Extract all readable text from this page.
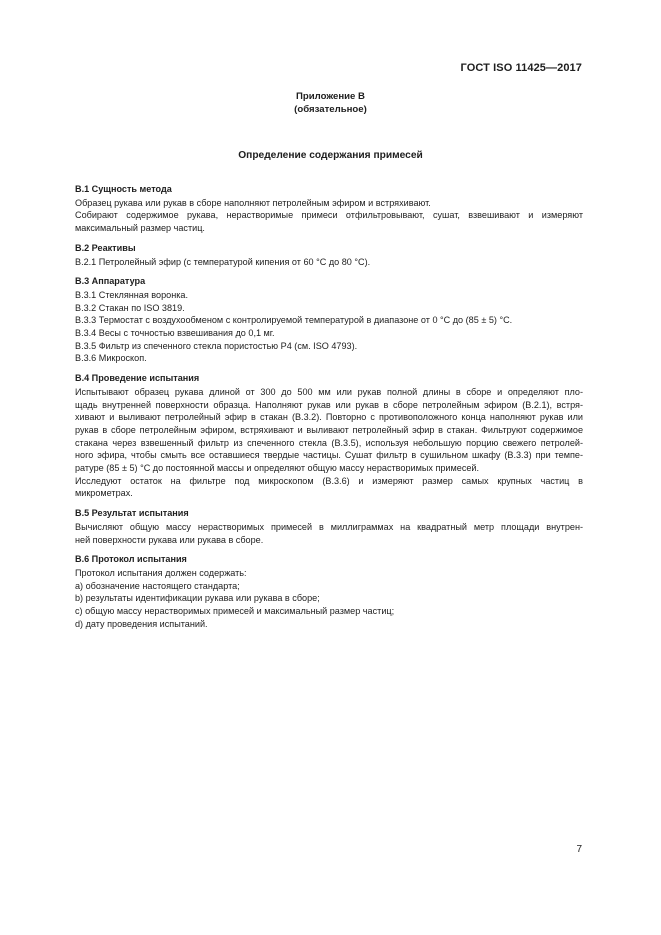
ГОСТ ISO 11425—2017
Приложение В
(обязательное)
Определение содержания примесей
В.1 Сущность метода
Образец рукава или рукав в сборе наполняют петролейным эфиром и встряхивают.
Собирают содержимое рукава, нерастворимые примеси отфильтровывают, сушат, взвешивают и измеряют
максимальный размер частиц.
В.2 Реактивы
В.2.1 Петролейный эфир (с температурой кипения от 60 °С до 80 °С).
В.3 Аппаратура
В.3.1 Стеклянная воронка.
В.3.2 Стакан по ISO 3819.
В.3.3 Термостат с воздухообменом с контролируемой температурой в диапазоне от 0 °С до (85 ± 5) °С.
В.3.4 Весы с точностью взвешивания до 0,1 мг.
В.3.5 Фильтр из спеченного стекла пористостью Р4 (см. ISO 4793).
В.3.6 Микроскоп.
В.4 Проведение испытания
Испытывают образец рукава длиной от 300 до 500 мм или рукав полной длины в сборе и определяют пло-
щадь внутренней поверхности образца. Наполняют рукав или рукав в сборе петролейным эфиром (В.2.1), встря-
хивают и выливают петролейный эфир в стакан (В.3.2). Повторно с противоположного конца наполняют рукав или
рукав в сборе петролейным эфиром, встряхивают и выливают петролейный эфир в стакан. Фильтруют содержимое
стакана через взвешенный фильтр из спеченного стекла (В.3.5), используя небольшую порцию свежего петролей-
ного эфира, чтобы смыть все оставшиеся твердые частицы. Сушат фильтр в сушильном шкафу (В.3.3) при темпе-
ратуре (85 ± 5) °С до постоянной массы и определяют общую массу нерастворимых примесей.
Исследуют остаток на фильтре под микроскопом (В.3.6) и измеряют размер самых крупных частиц в
микрометрах.
В.5 Результат испытания
Вычисляют общую массу нерастворимых примесей в миллиграммах на квадратный метр площади внутрен-
ней поверхности рукава или рукава в сборе.
В.6 Протокол испытания
Протокол испытания должен содержать:
а) обозначение настоящего стандарта;
b) результаты идентификации рукава или рукава в сборе;
с) общую массу нерастворимых примесей и максимальный размер частиц;
d) дату проведения испытаний.
7
